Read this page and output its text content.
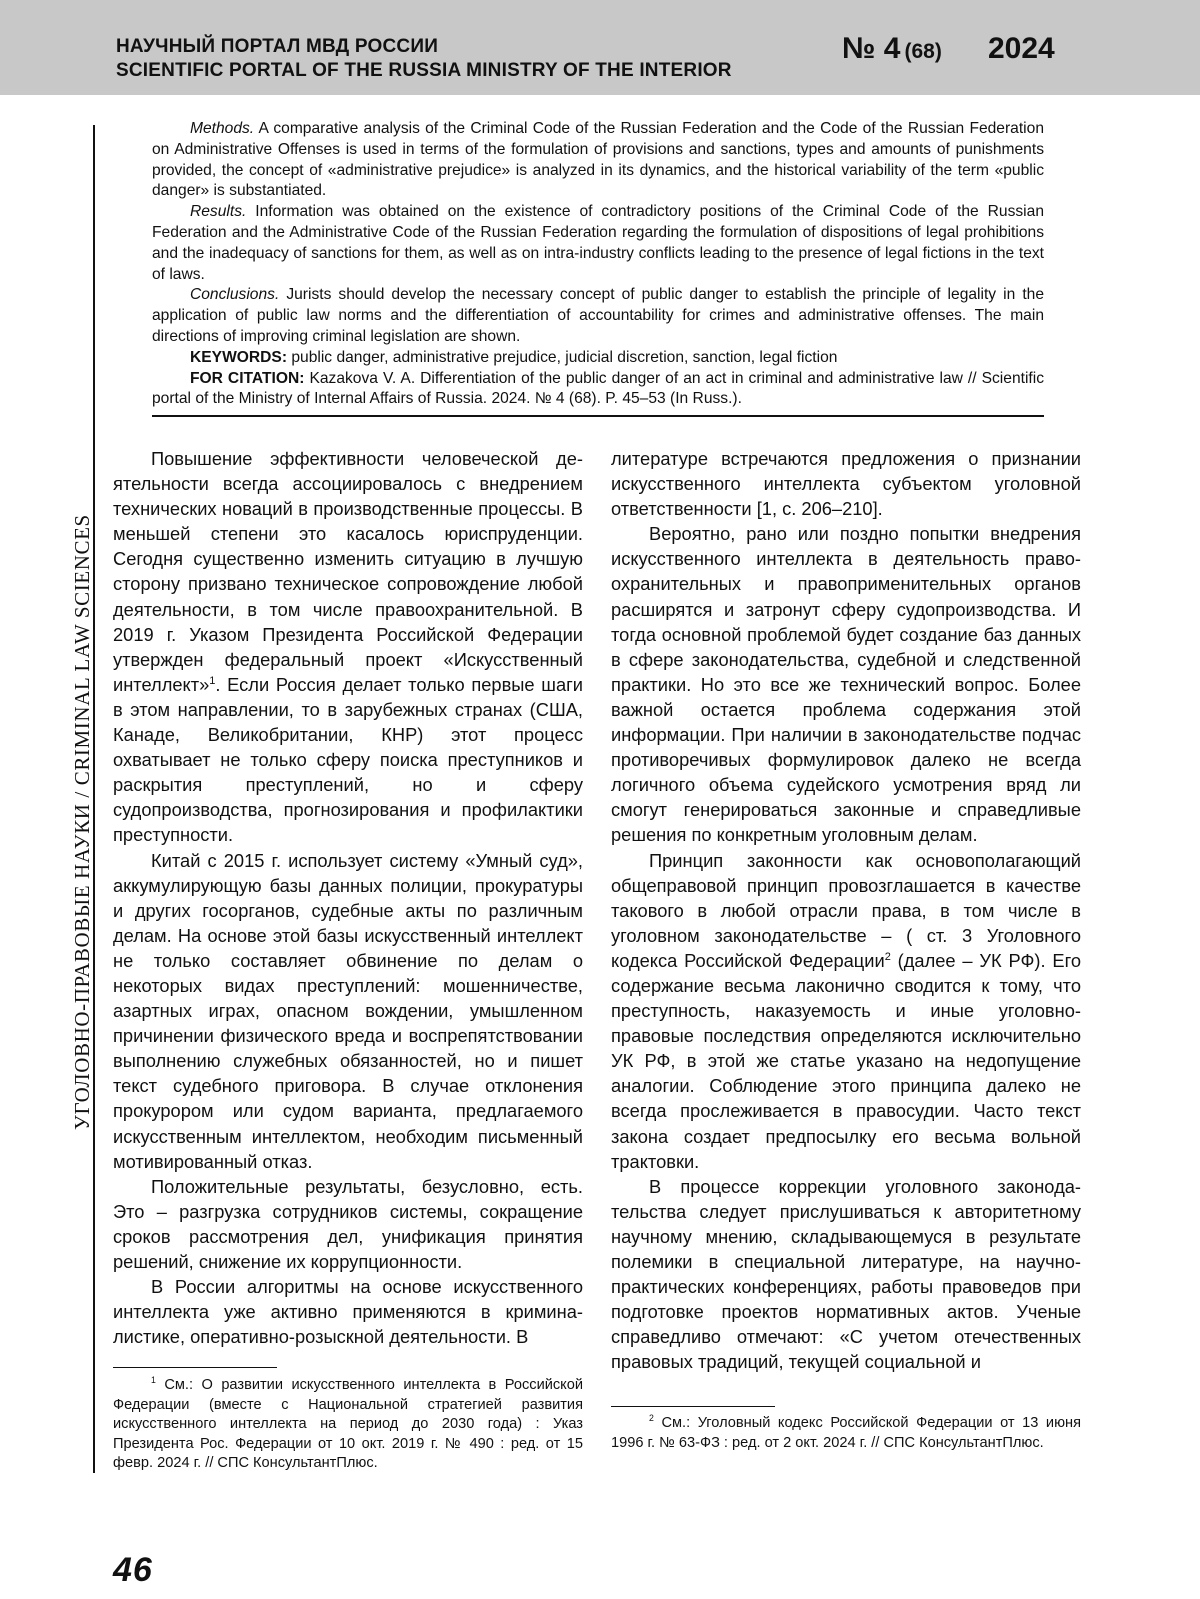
НАУЧНЫЙ ПОРТАЛ МВД РОССИИ
SCIENTIFIC PORTAL OF THE RUSSIA MINISTRY OF THE INTERIOR
№ 4 (68) 2024
УГОЛОВНО-ПРАВОВЫЕ НАУКИ / CRIMINAL LAW SCIENCES

Methods. A comparative analysis of the Criminal Code of the Russian Federation and the Code of the Russian Federation on Administrative Offenses is used in terms of the formulation of provisions and sanctions, types and amounts of punishments provided, the concept of «administrative prejudice» is analyzed in its dynamics, and the historical variability of the term «public danger» is substantiated.

Results. Information was obtained on the existence of contradictory positions of the Criminal Code of the Russian Federation and the Administrative Code of the Russian Federation regarding the formulation of dispositions of legal prohibitions and the inadequacy of sanctions for them, as well as on intra-industry conflicts leading to the presence of legal fictions in the text of laws.

Conclusions. Jurists should develop the necessary concept of public danger to establish the principle of legality in the application of public law norms and the differentiation of accountability for crimes and administrative offenses. The main directions of improving criminal legislation are shown.

KEYWORDS: public danger, administrative prejudice, judicial discretion, sanction, legal fiction

FOR CITATION: Kazakova V. A. Differentiation of the public danger of an act in criminal and administrative law // Scientific portal of the Ministry of Internal Affairs of Russia. 2024. № 4 (68). P. 45–53 (In Russ.).

Повышение эффективности человеческой деятельности всегда ассоциировалось с внедрением технических новаций в производственные процессы. В меньшей степени это касалось юриспруденции. Сегодня существенно изменить ситуацию в лучшую сторону призвано техническое сопровождение любой деятельности, в том числе правоохранительной. В 2019 г. Указом Президента Российской Федерации утвержден федеральный проект «Искусственный интеллект»$^1$. Если Россия делает только первые шаги в этом направлении, то в зарубежных странах (США, Канаде, Великобритании, КНР) этот процесс охватывает не только сферу поиска преступников и раскрытия преступлений, но и сферу судопроизводства, прогнозирования и профилактики преступности.

Китай с 2015 г. использует систему «Умный суд», аккумулирующую базы данных полиции, прокуратуры и других госорганов, судебные акты по различным делам. На основе этой базы искусственный интеллект не только составляет обвинение по делам о некоторых видах преступлений: мошенничестве, азартных играх, опасном вождении, умышленном причинении физического вреда и воспрепятствовании выполнению служебных обязанностей, но и пишет текст судебного приговора. В случае отклонения прокурором или судом варианта, предлагаемого искусственным интеллектом, необходим письменный мотивированный отказ.

Положительные результаты, безусловно, есть. Это – разгрузка сотрудников системы, сокращение сроков рассмотрения дел, унификация принятия решений, снижение их коррупционности.

В России алгоритмы на основе искусственного интеллекта уже активно применяются в криминалистике, оперативно-розыскной деятельности. В

литературе встречаются предложения о признании искусственного интеллекта субъектом уголовной ответственности [1, с. 206–210].

Вероятно, рано или поздно попытки внедрения искусственного интеллекта в деятельность правоохранительных и правоприменительных органов расширятся и затронут сферу судопроизводства. И тогда основной проблемой будет создание баз данных в сфере законодательства, судебной и следственной практики. Но это все же технический вопрос. Более важной остается проблема содержания этой информации. При наличии в законодательстве подчас противоречивых формулировок далеко не всегда логичного объема судейского усмотрения вряд ли смогут генерироваться законные и справедливые решения по конкретным уголовным делам.

Принцип законности как основополагающий общеправовой принцип провозглашается в качестве такового в любой отрасли права, в том числе в уголовном законодательстве – ( ст. 3 Уголовного кодекса Российской Федерации$^2$ (далее – УК РФ). Его содержание весьма лаконично сводится к тому, что преступность, наказуемость и иные уголовно-правовые последствия определяются исключительно УК РФ, в этой же статье указано на недопущение аналогии. Соблюдение этого принципа далеко не всегда прослеживается в правосудии. Часто текст закона создает предпосылку его весьма вольной трактовки.

В процессе коррекции уголовного законодательства следует прислушиваться к авторитетному научному мнению, складывающемуся в результате полемики в специальной литературе, на научно-практических конференциях, работы правоведов при подготовке проектов нормативных актов. Ученые справедливо отмечают: «С учетом отечественных правовых традиций, текущей социальной и

$^1$ См.: О развитии искусственного интеллекта в Российской Федерации (вместе с Национальной стратегией развития искусственного интеллекта на период до 2030 года) : Указ Президента Рос. Федерации от 10 окт. 2019 г. № 490 : ред. от 15 февр. 2024 г. // СПС КонсультантПлюс.

$^2$ См.: Уголовный кодекс Российской Федерации от 13 июня 1996 г. № 63-ФЗ : ред. от 2 окт. 2024 г. // СПС КонсультантПлюс.

46
